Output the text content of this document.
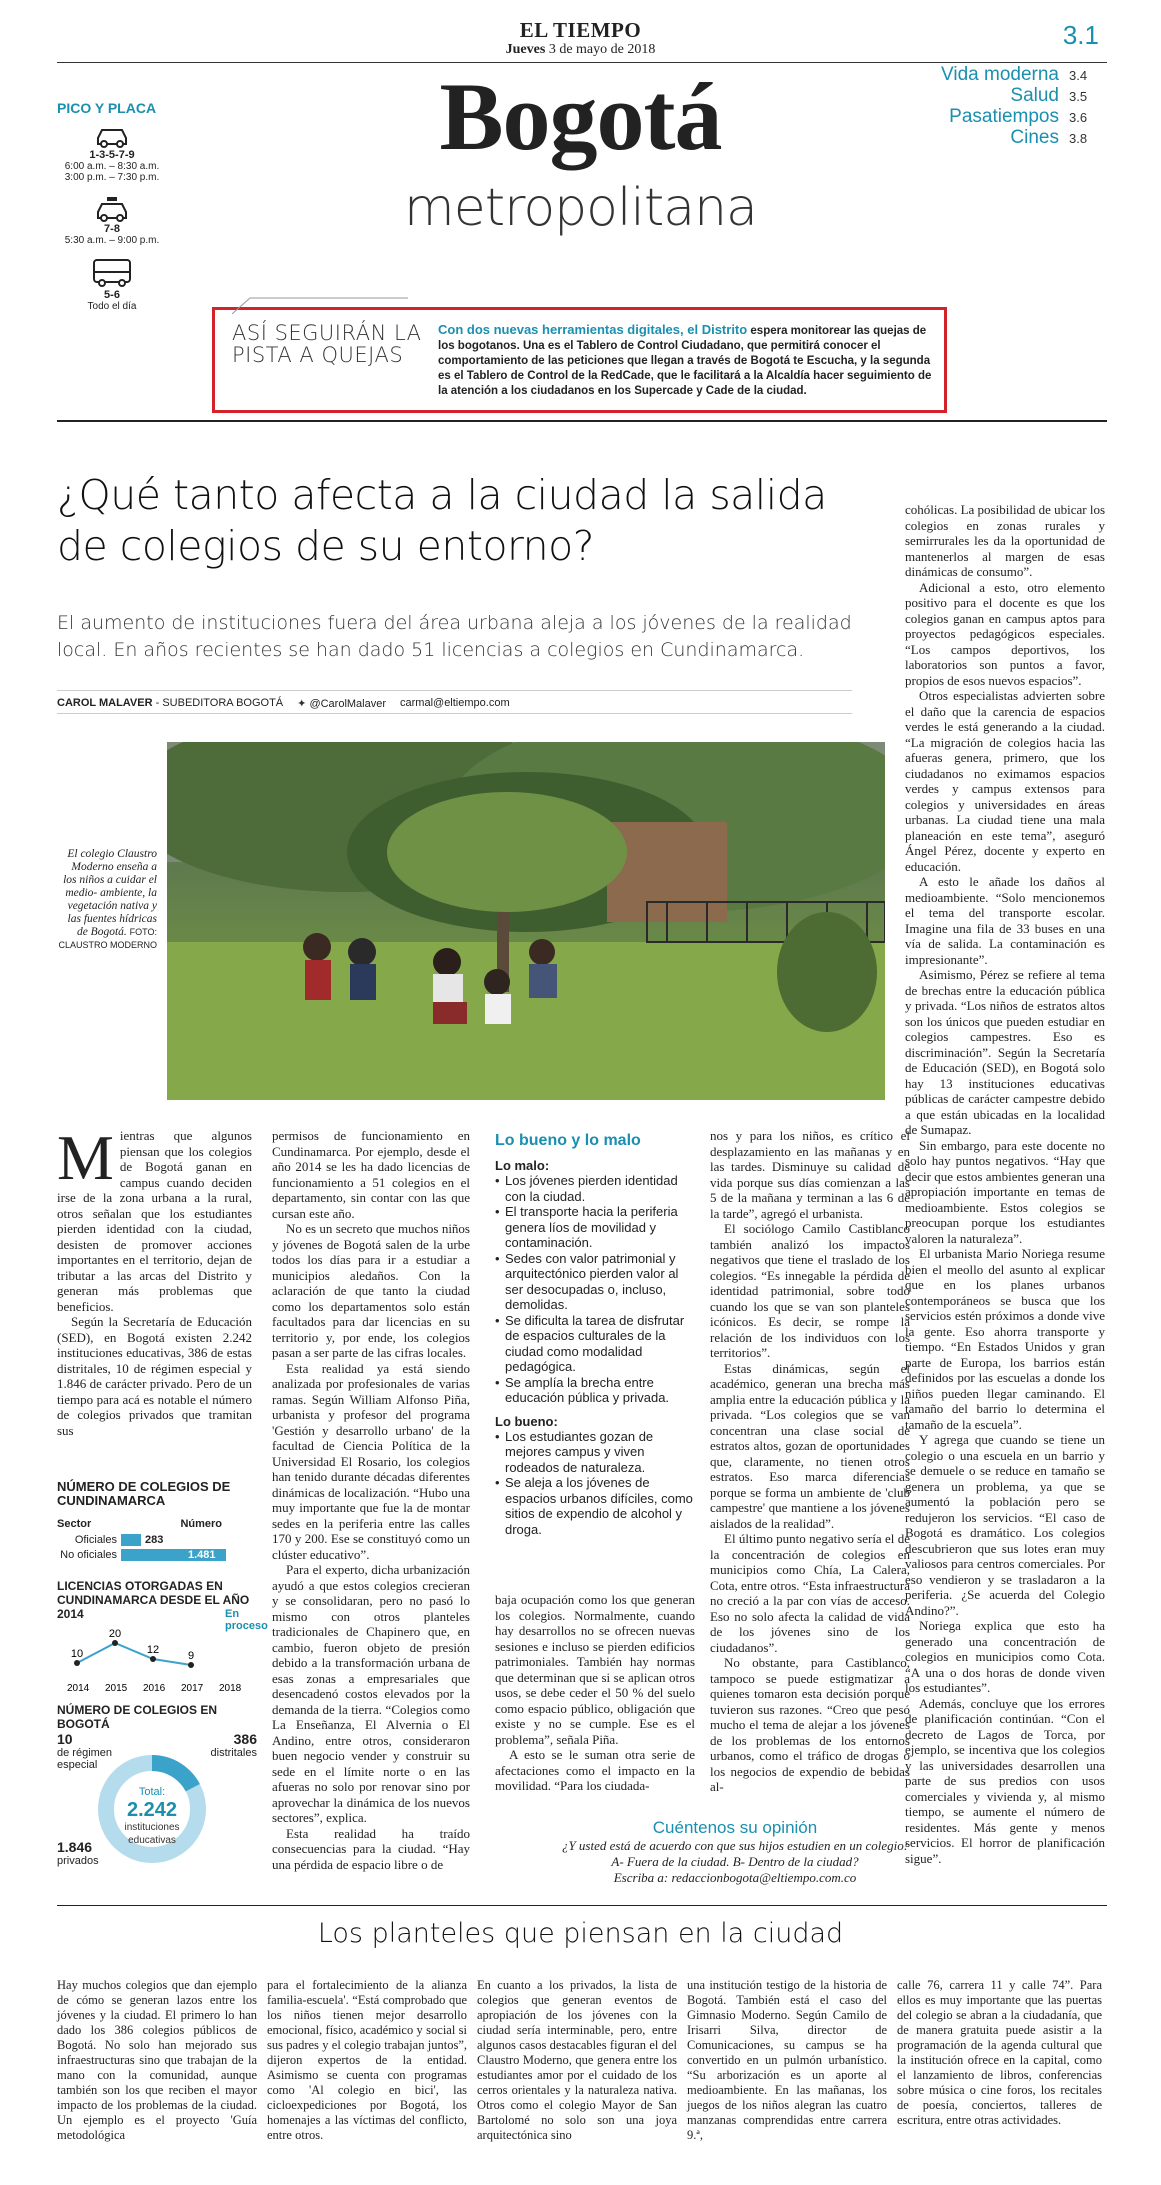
EL TIEMPO
Jueves 3 de mayo de 2018	3.1
Vida moderna 3.4
Salud 3.5
Pasatiempos 3.6
Cines 3.8
Bogotá
metropolitana
PICO Y PLACA
1-3-5-7-9
6:00 a.m. – 8:30 a.m.
3:00 p.m. – 7:30 p.m.
7-8
5:30 a.m. – 9:00 p.m.
5-6
Todo el día
ASÍ SEGUIRÁN LA PISTA A QUEJAS
Con dos nuevas herramientas digitales, el Distrito espera monitorear las quejas de los bogotanos. Una es el Tablero de Control Ciudadano, que permitirá conocer el comportamiento de las peticiones que llegan a través de Bogotá te Escucha, y la segunda es el Tablero de Control de la RedCade, que le facilitará a la Alcaldía hacer seguimiento de la atención a los ciudadanos en los Supercade y Cade de la ciudad.
¿Qué tanto afecta a la ciudad la salida de colegios de su entorno?
El aumento de instituciones fuera del área urbana aleja a los jóvenes de la realidad local. En años recientes se han dado 51 licencias a colegios en Cundinamarca.
CAROL MALAVER - SUBEDITORA BOGOTÁ ✦ @CarolMalaver carmal@eltiempo.com
El colegio Claustro Moderno enseña a los niños a cuidar el medio- ambiente, la vegetación nativa y las fuentes hídricas de Bogotá. FOTO: CLAUSTRO MODERNO
Mientras que algunos piensan que los colegios de Bogotá ganan en campus cuando deciden irse de la zona urbana a la rural, otros señalan que los estudiantes pierden identidad con la ciudad, desisten de promover acciones importantes en el territorio, dejan de tributar a las arcas del Distrito y generan más problemas que beneficios.

Según la Secretaría de Educación (SED), en Bogotá existen 2.242 instituciones educativas, 386 de estas distritales, 10 de régimen especial y 1.846 de carácter privado. Pero de un tiempo para acá es notable el número de colegios privados que tramitan sus

NÚMERO DE COLEGIOS DE CUNDINAMARCA
Sector	Número
Oficiales	283
No oficiales	1.481
LICENCIAS OTORGADAS EN CUNDINAMARCA DESDE EL AÑO 2014
10
20
12	9
2014 2015 2016 2017 2018
En proceso
NÚMERO DE COLEGIOS EN BOGOTÁ
10
de régimen especial
386
distritales
Total:
2.242
instituciones educativas
1.846
privados

permisos de funcionamiento en Cundinamarca. Por ejemplo, desde el año 2014 se les ha dado licencias de funcionamiento a 51 colegios en el departamento, sin contar con las que cursan este año.

No es un secreto que muchos niños y jóvenes de Bogotá salen de la urbe todos los días para ir a estudiar a municipios aledaños. Con la aclaración de que tanto la ciudad como los departamentos solo están facultados para dar licencias en su territorio y, por ende, los colegios pasan a ser parte de las cifras locales.

Esta realidad ya está siendo analizada por profesionales de varias ramas. Según William Alfonso Piña, urbanista y profesor del programa 'Gestión y desarrollo urbano' de la facultad de Ciencia Política de la Universidad El Rosario, los colegios han tenido durante décadas diferentes dinámicas de localización. “Hubo una muy importante que fue la de montar sedes en la periferia entre las calles 170 y 200. Ese se constituyó como un clúster educativo”.

Para el experto, dicha urbanización ayudó a que estos colegios crecieran y se consolidaran, pero no pasó lo mismo con otros planteles tradicionales de Chapinero que, en cambio, fueron objeto de presión debido a la transformación urbana de esas zonas a empresariales que desencadenó costos elevados por la demanda de la tierra. “Colegios como La Enseñanza, El Alvernia o El Andino, entre otros, consideraron buen negocio vender y construir su sede en el límite norte o en las afueras no solo por renovar sino por aprovechar la dinámica de los nuevos sectores”, explica.

Esta realidad ha traído consecuencias para la ciudad. “Hay una pérdida de espacio libre o de

Lo bueno y lo malo
Lo malo:
• Los jóvenes pierden identidad con la ciudad.
• El transporte hacia la periferia genera líos de movilidad y contaminación.
• Sedes con valor patrimonial y arquitectónico pierden valor al ser desocupadas o, incluso, demolidas.
• Se dificulta la tarea de disfrutar de espacios culturales de la ciudad como modalidad pedagógica.
• Se amplía la brecha entre educación pública y privada.
Lo bueno:
• Los estudiantes gozan de mejores campus y viven rodeados de naturaleza.
• Se aleja a los jóvenes de espacios urbanos difíciles, como sitios de expendio de alcohol y droga.

baja ocupación como los que generan los colegios. Normalmente, cuando hay desarrollos no se ofrecen nuevas sesiones e incluso se pierden edificios patrimoniales. También hay normas que determinan que si se aplican otros usos, se debe ceder el 50 % del suelo como espacio público, obligación que existe y no se cumple. Ese es el problema”, señala Piña.

A esto se le suman otra serie de afectaciones como el impacto en la movilidad. “Para los ciudada-

nos y para los niños, es crítico el desplazamiento en las mañanas y en las tardes. Disminuye su calidad de vida porque sus días comienzan a las 5 de la mañana y terminan a las 6 de la tarde”, agregó el urbanista.

El sociólogo Camilo Castiblanco también analizó los impactos negativos que tiene el traslado de los colegios. “Es innegable la pérdida de identidad patrimonial, sobre todo cuando los que se van son planteles icónicos. Es decir, se rompe la relación de los individuos con los territorios”.

Estas dinámicas, según el académico, generan una brecha más amplia entre la educación pública y la privada. “Los colegios que se van concentran una clase social de estratos altos, gozan de oportunidades que, claramente, no tienen otros estratos. Eso marca diferencias porque se forma un ambiente de 'club campestre' que mantiene a los jóvenes aislados de la realidad”.

El último punto negativo sería el de la concentración de colegios en municipios como Chía, La Calera, Cota, entre otros. “Esta infraestructura no creció a la par con vías de acceso. Eso no solo afecta la calidad de vida de los jóvenes sino de los ciudadanos”.

No obstante, para Castiblanco, tampoco se puede estigmatizar a quienes tomaron esta decisión porque tuvieron sus razones. “Creo que pesó mucho el tema de alejar a los jóvenes de los problemas de los entornos urbanos, como el tráfico de drogas o los negocios de expendio de bebidas al-

Cuéntenos su opinión
¿Y usted está de acuerdo con que sus hijos estudien en un colegio:
A- Fuera de la ciudad. B- Dentro de la ciudad?
Escriba a: redaccionbogota@eltiempo.com.co

cohólicas. La posibilidad de ubicar los colegios en zonas rurales y semirrurales les da la oportunidad de mantenerlos al margen de esas dinámicas de consumo”.

Adicional a esto, otro elemento positivo para el docente es que los colegios ganan en campus aptos para proyectos pedagógicos especiales. “Los campos deportivos, los laboratorios son puntos a favor, propios de esos nuevos espacios”.

Otros especialistas advierten sobre el daño que la carencia de espacios verdes le está generando a la ciudad. “La migración de colegios hacia las afueras genera, primero, que los ciudadanos no eximamos espacios verdes y campus extensos para colegios y universidades en áreas urbanas. La ciudad tiene una mala planeación en este tema”, aseguró Ángel Pérez, docente y experto en educación.

A esto le añade los daños al medioambiente. “Solo mencionemos el tema del transporte escolar. Imagine una fila de 33 buses en una vía de salida. La contaminación es impresionante”.

Asimismo, Pérez se refiere al tema de brechas entre la educación pública y privada. “Los niños de estratos altos son los únicos que pueden estudiar en colegios campestres. Eso es discriminación”. Según la Secretaría de Educación (SED), en Bogotá solo hay 13 instituciones educativas públicas de carácter campestre debido a que están ubicadas en la localidad de Sumapaz.

Sin embargo, para este docente no solo hay puntos negativos. “Hay que decir que estos ambientes generan una apropiación importante en temas de medioambiente. Estos colegios se preocupan porque los estudiantes valoren la naturaleza”.

El urbanista Mario Noriega resume bien el meollo del asunto al explicar que en los planes urbanos contemporáneos se busca que los servicios estén próximos a donde vive la gente. Eso ahorra transporte y tiempo. “En Estados Unidos y gran parte de Europa, los barrios están definidos por las escuelas a donde los niños pueden llegar caminando. El tamaño del barrio lo determina el tamaño de la escuela”.

Y agrega que cuando se tiene un colegio o una escuela en un barrio y se demuele o se reduce en tamaño se genera un problema, ya que se aumentó la población pero se redujeron los servicios. “El caso de Bogotá es dramático. Los colegios descubrieron que sus lotes eran muy valiosos para centros comerciales. Por eso vendieron y se trasladaron a la periferia. ¿Se acuerda del Colegio Andino?”.

Noriega explica que esto ha generado una concentración de colegios en municipios como Cota. “A una o dos horas de donde viven los estudiantes”.

Además, concluye que los errores de planificación continúan. “Con el decreto de Lagos de Torca, por ejemplo, se incentiva que los colegios y las universidades desarrollen una parte de sus predios con usos comerciales y vivienda y, al mismo tiempo, se aumente el número de residentes. Más gente y menos servicios. El horror de planificación sigue”.

Los planteles que piensan en la ciudad
Hay muchos colegios que dan ejemplo de cómo se generan lazos entre los jóvenes y la ciudad. El primero lo han dado los 386 colegios públicos de Bogotá. No solo han mejorado sus infraestructuras sino que trabajan de la mano con la comunidad, aunque también son los que reciben el mayor impacto de los problemas de la ciudad. Un ejemplo es el proyecto 'Guía metodológica
para el fortalecimiento de la alianza familia-escuela'. “Está comprobado que los niños tienen mejor desarrollo emocional, físico, académico y social si sus padres y el colegio trabajan juntos”, dijeron expertos de la entidad. Asimismo se cuenta con programas como 'Al colegio en bici', las cicloexpediciones por Bogotá, los homenajes a las víctimas del conflicto, entre otros.
En cuanto a los privados, la lista de colegios que generan eventos de apropiación de los jóvenes con la ciudad sería interminable, pero, entre algunos casos destacables figuran el del Claustro Moderno, que genera entre los estudiantes amor por el cuidado de los cerros orientales y la naturaleza nativa. Otros como el colegio Mayor de San Bartolomé no solo son una joya arquitectónica sino
una institución testigo de la historia de Bogotá. También está el caso del Gimnasio Moderno. Según Camilo de Irisarri Silva, director de Comunicaciones, su campus se ha convertido en un pulmón urbanístico. “Su arborización es un aporte al medioambiente. En las mañanas, los juegos de los niños alegran las cuatro manzanas comprendidas entre carrera 9.ª,
calle 76, carrera 11 y calle 74”. Para ellos es muy importante que las puertas del colegio se abran a la ciudadanía, que de manera gratuita puede asistir a la programación de la agenda cultural que la institución ofrece en la capital, como el lanzamiento de libros, conferencias sobre música o cine foros, los recitales de poesía, conciertos, talleres de escritura, entre otras actividades.
